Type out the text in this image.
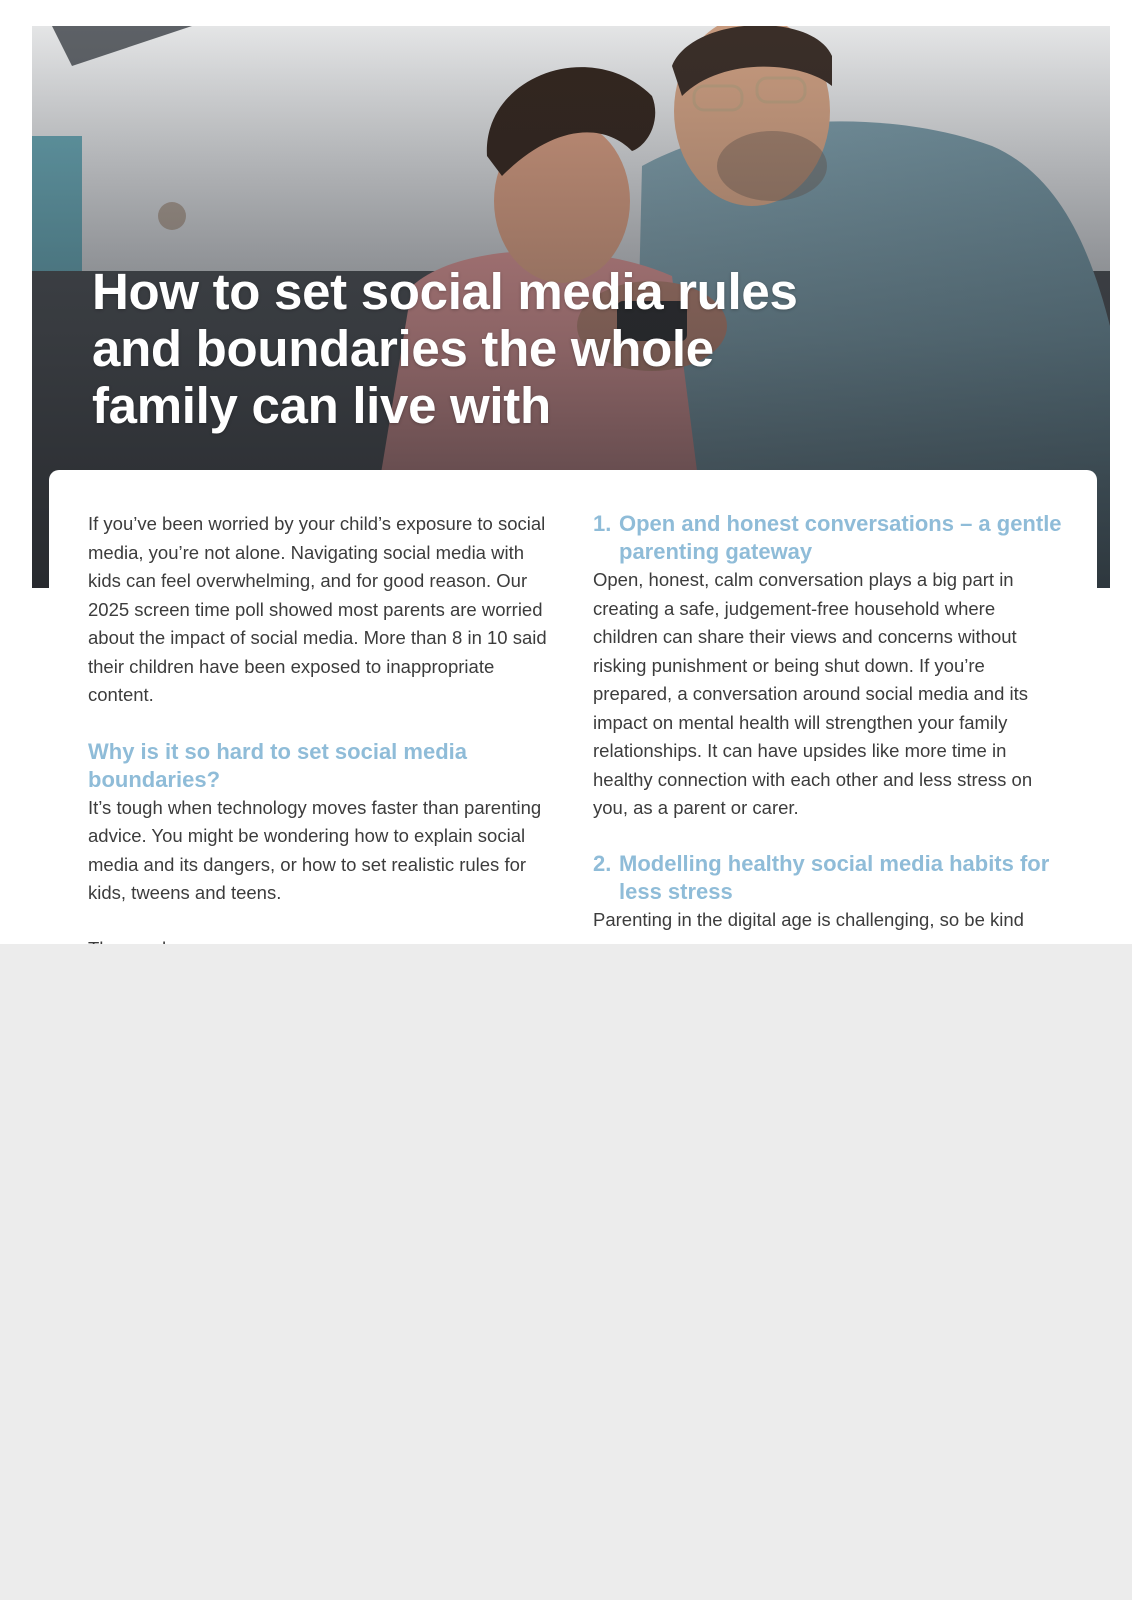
How to set social media rules and boundaries the whole family can live with

If you’ve been worried by your child’s exposure to social media, you’re not alone. Navigating social media with kids can feel overwhelming, and for good reason. Our 2025 screen time poll showed most parents are worried about the impact of social media. More than 8 in 10 said their children have been exposed to inappropriate content.

Why is it so hard to set social media boundaries?

It’s tough when technology moves faster than parenting advice. You might be wondering how to explain social media and its dangers, or how to set realistic rules for kids, tweens and teens.

1. Open and honest conversations – a gentle parenting gateway

Open, honest, calm conversation plays a big part in creating a safe, judgement-free household where children can share their views and concerns without risking punishment or being shut down. If you’re prepared, a conversation around social media and its impact on mental health will strengthen your family relationships. It can have upsides like more time in healthy connection with each other and less stress on you, as a parent or carer.

2. Modelling healthy social media habits for less stress

Parenting in the digital age is challenging, so be kind
